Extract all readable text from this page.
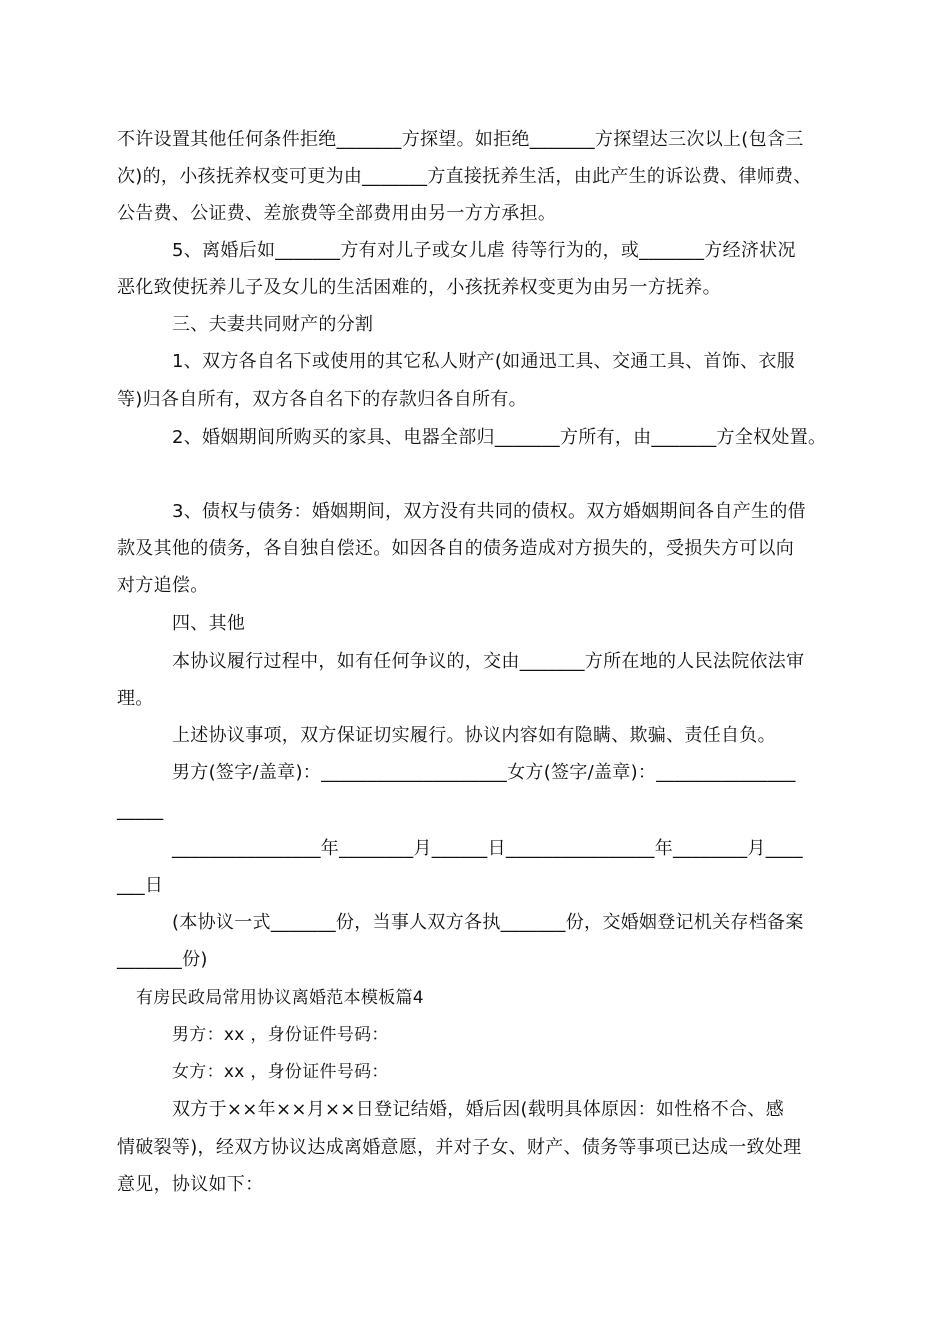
不许设置其他任何条件拒绝_______方探望。如拒绝_______方探望达三次以上(包含三
次)的，小孩抚养权变可更为由_______方直接抚养生活，由此产生的诉讼费、律师费、
公告费、公证费、差旅费等全部费用由另一方方承担。
5、离婚后如_______方有对儿子或女儿虐 待等行为的，或_______方经济状况
恶化致使抚养儿子及女儿的生活困难的，小孩抚养权变更为由另一方抚养。
三、夫妻共同财产的分割
1、双方各自名下或使用的其它私人财产(如通迅工具、交通工具、首饰、衣服
等)归各自所有，双方各自名下的存款归各自所有。
2、婚姻期间所购买的家具、电器全部归_______方所有，由_______方全权处置。
3、债权与债务：婚姻期间，双方没有共同的债权。双方婚姻期间各自产生的借
款及其他的债务，各自独自偿还。如因各自的债务造成对方损失的，受损失方可以向
对方追偿。
四、其他
本协议履行过程中，如有任何争议的，交由_______方所在地的人民法院依法审
理。
上述协议事项，双方保证切实履行。协议内容如有隐瞒、欺骗、责任自负。
男方(签字/盖章)：____________________女方(签字/盖章)：_______________
_____
________________年________月______日________________年________月____
___日
(本协议一式_______份，当事人双方各执_______份，交婚姻登记机关存档备案
_______份)
有房民政局常用协议离婚范本模板篇4
男方：xx ，身份证件号码：
女方：xx ，身份证件号码：
双方于××年××月××日登记结婚，婚后因(载明具体原因：如性格不合、感
情破裂等)，经双方协议达成离婚意愿，并对子女、财产、债务等事项已达成一致处理
意见，协议如下：
